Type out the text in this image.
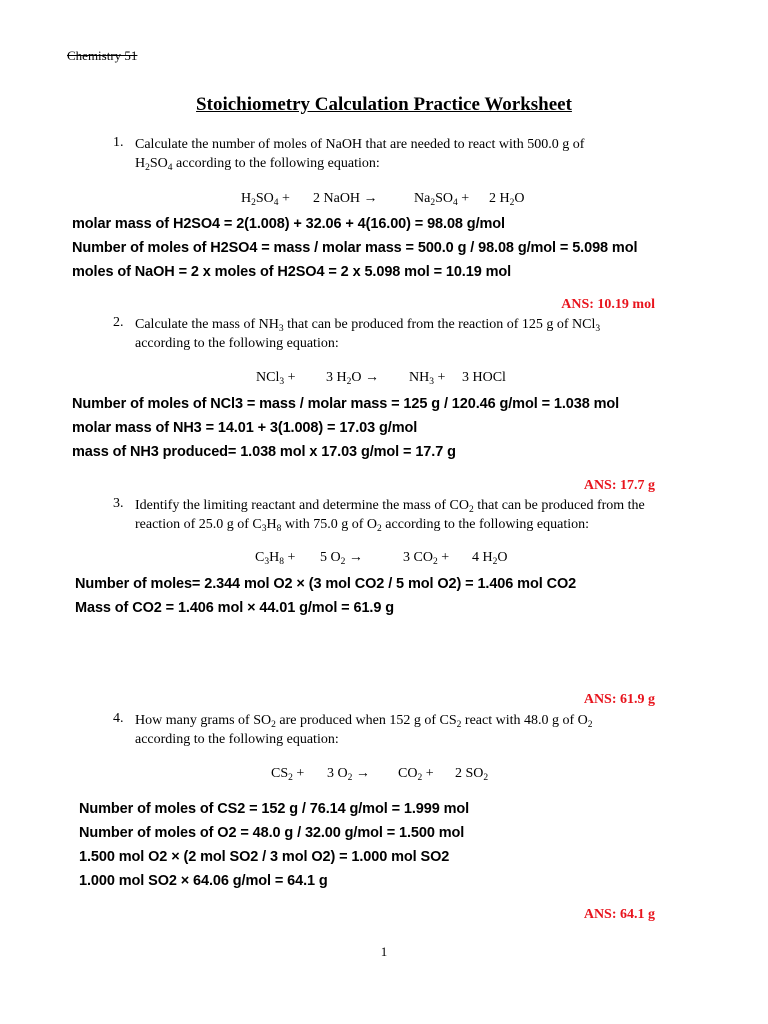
Chemistry 51
Stoichiometry Calculation Practice Worksheet
1. Calculate the number of moles of NaOH that are needed to react with 500.0 g of
$H_2SO_4$ according to the following equation:
$H_2SO_4 + 2$ NaOH →	$Na_2SO_4 + 2$ $H_2O$
molar mass of H2SO4 = 2(1.008) + 32.06 + 4(16.00) = 98.08 g/mol
Number of moles of H2SO4 = mass / molar mass = 500.0 g / 98.08 g/mol = 5.098 mol
moles of NaOH = 2 x moles of H2SO4 = 2 x 5.098 mol = 10.19 mol
ANS: 10.19 mol
2. Calculate the mass of $NH_3$ that can be produced from the reaction of 125 g of NCl$_3$
according to the following equation:
NCl$_3$ + 3 $H_2O \to NH_3 + 3$ HOCl
Number of moles of NCl3 = mass / molar mass = 125 g / 120.46 g/mol = 1.038 mol
molar mass of NH3 = 14.01 + 3(1.008) = 17.03 g/mol
mass of NH3 produced= 1.038 mol x 17.03 g/mol = 17.7 g
ANS: 17.7 g
3. Identify the limiting reactant and determine the mass of $CO_2$ that can be produced from the
reaction of 25.0 g of $C_3H_8$ with 75.0 g of $O_2$ according to the following equation:
$C_3H_8 + 5$ $O_2$ →	3 $CO_2 + 4$ $H_2O$
Number of moles= 2.344 mol O2 × (3 mol CO2 / 5 mol O2) = 1.406 mol CO2
Mass of CO2 = 1.406 mol × 44.01 g/mol = 61.9 g
ANS: 61.9 g
4. How many grams of $SO_2$ are produced when 152 g of $CS_2$ react with 48.0 g of $O_2$
according to the following equation:
$CS_2 + 3$ $O_2 \to CO_2 + 2$ $SO_2$
Number of moles of CS2 = 152 g / 76.14 g/mol = 1.999 mol
Number of moles of O2 = 48.0 g / 32.00 g/mol = 1.500 mol
1.500 mol O2 × (2 mol SO2 / 3 mol O2) = 1.000 mol SO2
1.000 mol SO2 × 64.06 g/mol = 64.1 g
ANS: 64.1 g
1
